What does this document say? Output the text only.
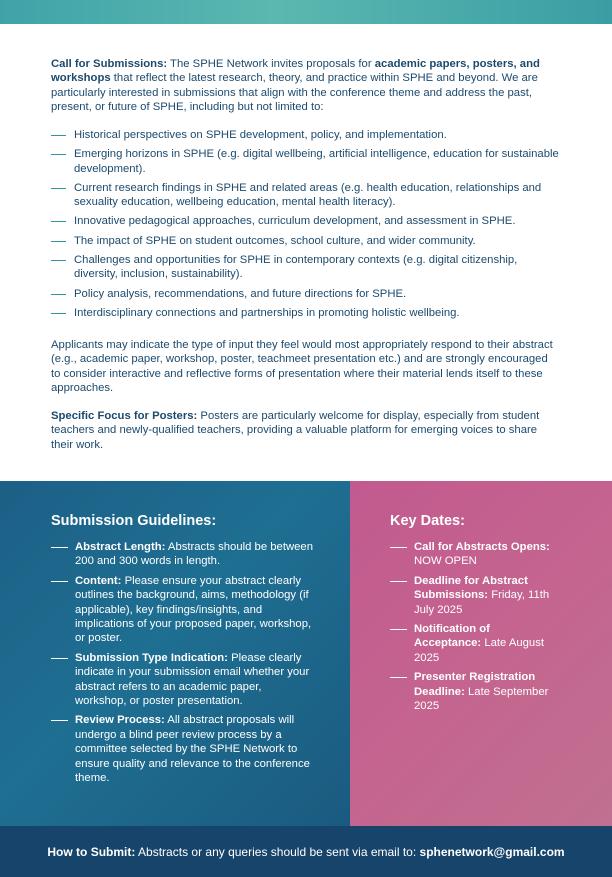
Call for Submissions: The SPHE Network invites proposals for academic papers, posters, and workshops that reflect the latest research, theory, and practice within SPHE and beyond. We are particularly interested in submissions that align with the conference theme and address the past, present, or future of SPHE, including but not limited to:

Historical perspectives on SPHE development, policy, and implementation.
Emerging horizons in SPHE (e.g. digital wellbeing, artificial intelligence, education for sustainable development).
Current research findings in SPHE and related areas (e.g. health education, relationships and sexuality education, wellbeing education, mental health literacy).
Innovative pedagogical approaches, curriculum development, and assessment in SPHE.
The impact of SPHE on student outcomes, school culture, and wider community.
Challenges and opportunities for SPHE in contemporary contexts (e.g. digital citizenship, diversity, inclusion, sustainability).
Policy analysis, recommendations, and future directions for SPHE.
Interdisciplinary connections and partnerships in promoting holistic wellbeing.

Applicants may indicate the type of input they feel would most appropriately respond to their abstract (e.g., academic paper, workshop, poster, teachmeet presentation etc.) and are strongly encouraged to consider interactive and reflective forms of presentation where their material lends itself to these approaches.

Specific Focus for Posters: Posters are particularly welcome for display, especially from student teachers and newly-qualified teachers, providing a valuable platform for emerging voices to share their work.

Submission Guidelines:
Abstract Length: Abstracts should be between 200 and 300 words in length.
Content: Please ensure your abstract clearly outlines the background, aims, methodology (if applicable), key findings/insights, and implications of your proposed paper, workshop, or poster.
Submission Type Indication: Please clearly indicate in your submission email whether your abstract refers to an academic paper, workshop, or poster presentation.
Review Process: All abstract proposals will undergo a blind peer review process by a committee selected by the SPHE Network to ensure quality and relevance to the conference theme.
Key Dates:
Call for Abstracts Opens: NOW OPEN
Deadline for Abstract Submissions: Friday, 11th July 2025
Notification of Acceptance: Late August 2025
Presenter Registration Deadline: Late September 2025
How to Submit: Abstracts or any queries should be sent via email to: sphenetwork@gmail.com
